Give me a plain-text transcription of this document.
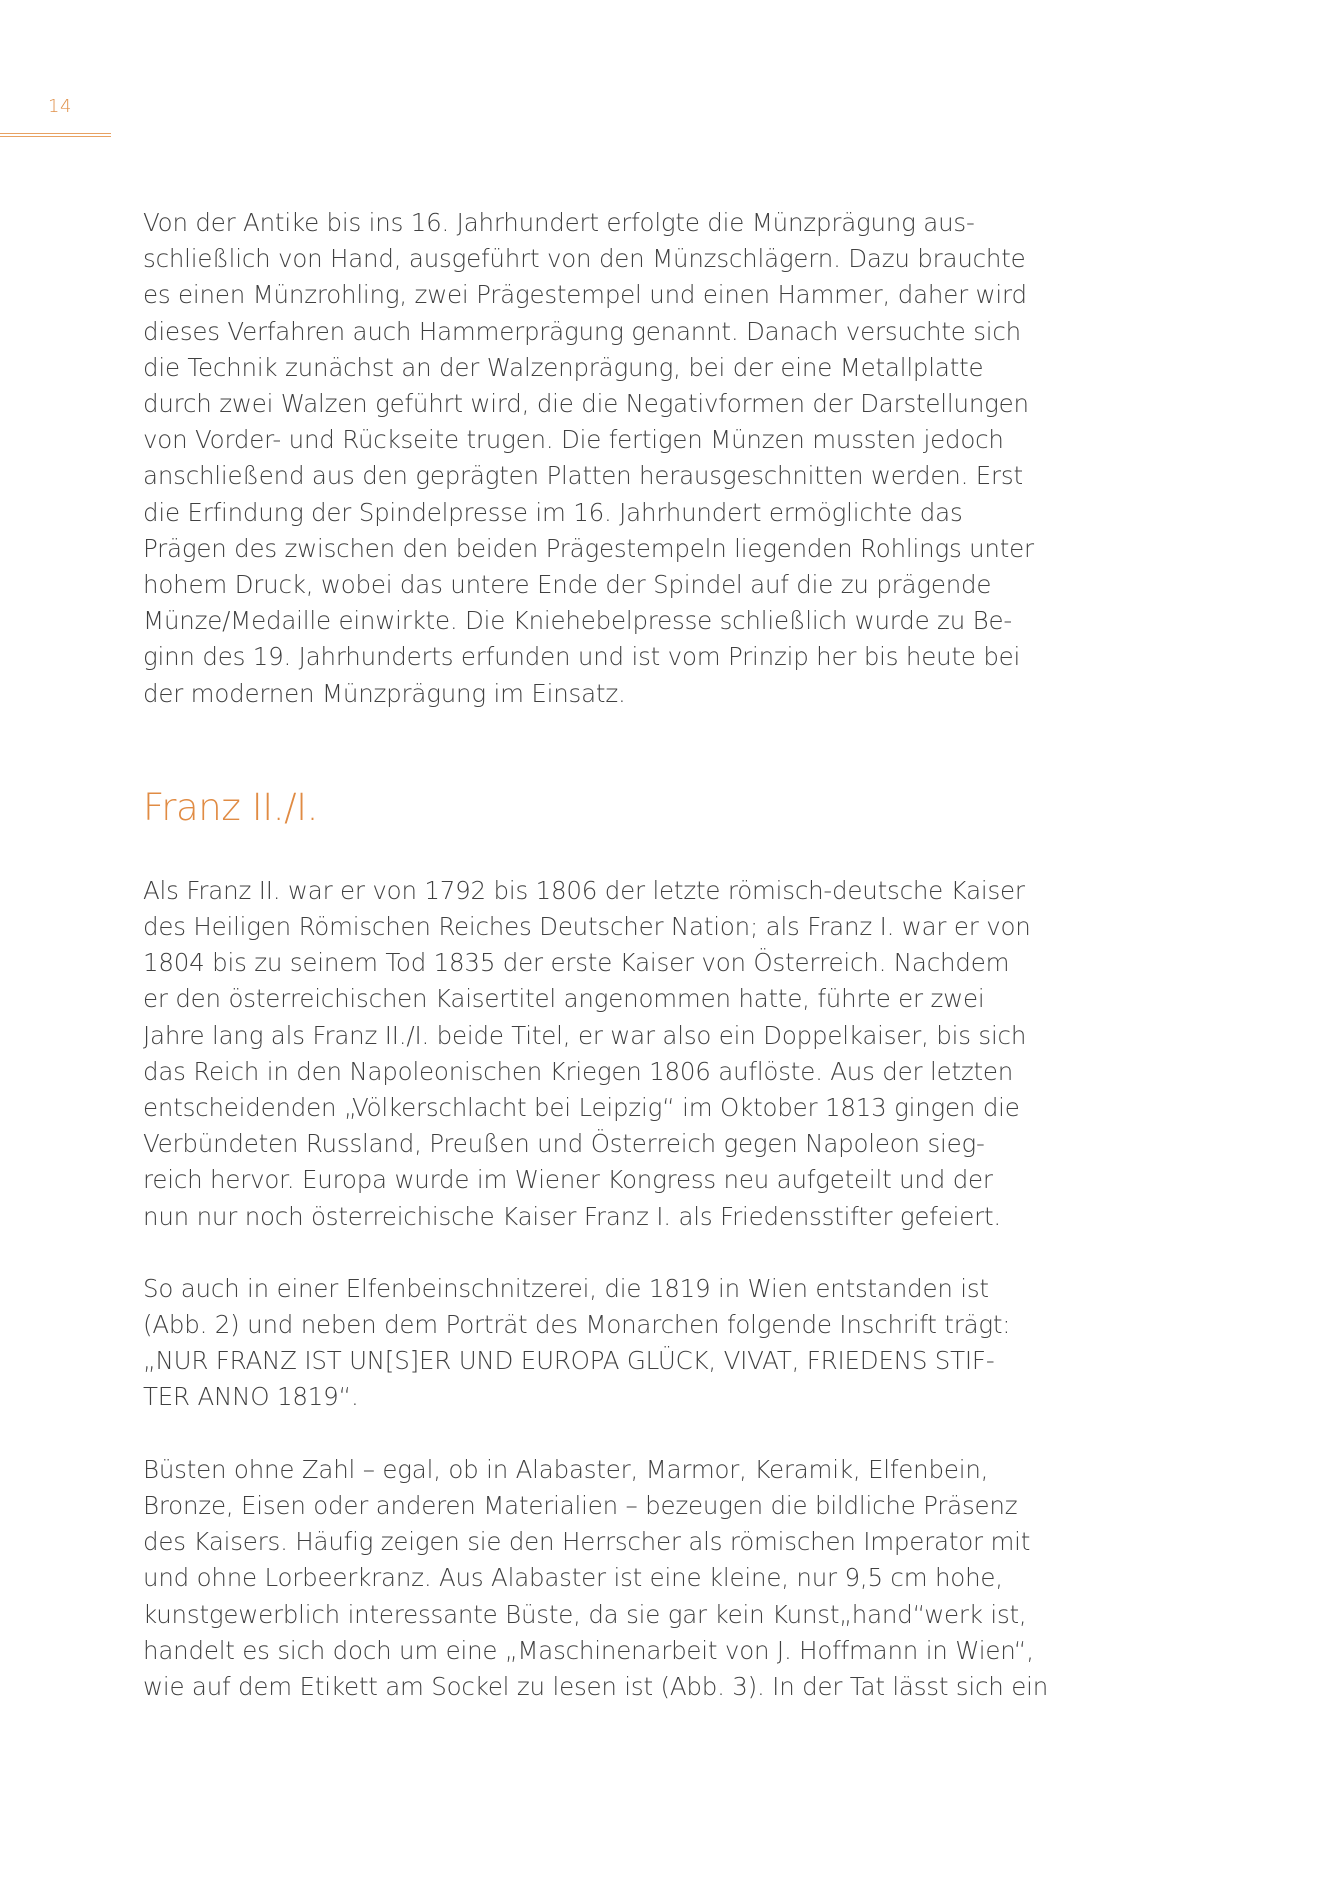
14

Von der Antike bis ins 16. Jahrhundert erfolgte die Münzprägung aus-
schließlich von Hand, ausgeführt von den Münzschlägern. Dazu brauchte
es einen Münzrohling, zwei Prägestempel und einen Hammer, daher wird
dieses Verfahren auch Hammerprägung genannt. Danach versuchte sich
die Technik zunächst an der Walzenprägung, bei der eine Metallplatte
durch zwei Walzen geführt wird, die die Negativformen der Darstellungen
von Vorder- und Rückseite trugen. Die fertigen Münzen mussten jedoch
anschließend aus den geprägten Platten herausgeschnitten werden. Erst
die Erfindung der Spindelpresse im 16. Jahrhundert ermöglichte das
Prägen des zwischen den beiden Prägestempeln liegenden Rohlings unter
hohem Druck, wobei das untere Ende der Spindel auf die zu prägende
Münze/Medaille einwirkte. Die Kniehebelpresse schließlich wurde zu Be-
ginn des 19. Jahrhunderts erfunden und ist vom Prinzip her bis heute bei
der modernen Münzprägung im Einsatz.

Franz II./I.

Als Franz II. war er von 1792 bis 1806 der letzte römisch-deutsche Kaiser
des Heiligen Römischen Reiches Deutscher Nation; als Franz I. war er von
1804 bis zu seinem Tod 1835 der erste Kaiser von Österreich. Nachdem
er den österreichischen Kaisertitel angenommen hatte, führte er zwei
Jahre lang als Franz II./I. beide Titel, er war also ein Doppelkaiser, bis sich
das Reich in den Napoleonischen Kriegen 1806 auflöste. Aus der letzten
entscheidenden „Völkerschlacht bei Leipzig“ im Oktober 1813 gingen die
Verbündeten Russland, Preußen und Österreich gegen Napoleon sieg-
reich hervor. Europa wurde im Wiener Kongress neu aufgeteilt und der
nun nur noch österreichische Kaiser Franz I. als Friedensstifter gefeiert.

So auch in einer Elfenbeinschnitzerei, die 1819 in Wien entstanden ist
(Abb. 2) und neben dem Porträt des Monarchen folgende Inschrift trägt:
„NUR FRANZ IST UN[S]ER UND EUROPA GLÜCK, VIVAT, FRIEDENS STIF-
TER ANNO 1819“.

Büsten ohne Zahl – egal, ob in Alabaster, Marmor, Keramik, Elfenbein,
Bronze, Eisen oder anderen Materialien – bezeugen die bildliche Präsenz
des Kaisers. Häufig zeigen sie den Herrscher als römischen Imperator mit
und ohne Lorbeerkranz. Aus Alabaster ist eine kleine, nur 9,5 cm hohe,
kunstgewerblich interessante Büste, da sie gar kein Kunst„hand“werk ist,
handelt es sich doch um eine „Maschinenarbeit von J. Hoffmann in Wien“,
wie auf dem Etikett am Sockel zu lesen ist (Abb. 3). In der Tat lässt sich ein
